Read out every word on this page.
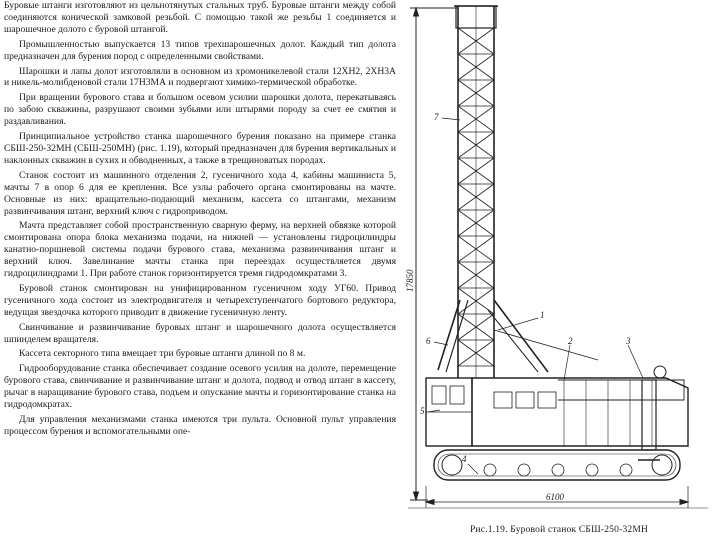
Буровые штанги изготовляют из цельнотянутых стальных труб. Буровые штанги между собой соединяются конической замковой резьбой. С помощью такой же резьбы 1 соединяется и шарошечное долото с буровой штангой.

Промышленностью выпускается 13 типов трехшарошечных долот. Каждый тип долота предназначен для бурения пород с определенными свойствами.

Шарошки и лапы долот изготовляли в основном из хромоникелевой стали 12ХН2, 2ХН3А и никель-молибденовой стали 17Н3МА и подвергают химико-термической обработке.

При вращении бурового става и большом осевом усилии шарошки долота, перекатываясь по забою скважины, разрушают своими зубьями или штырями породу за счет ее смятия и раздавливания.

Принципиальное устройство станка шарошечного бурения показано на примере станка СБШ-250-32МН (СБШ-250МН) (рис. 1.19), который предназначен для бурения вертикальных и наклонных скважин в сухих и обводненных, а также в трещиноватых породах.

Станок состоит из машинного отделения 2, гусеничного хода 4, кабины машиниста 5, мачты 7 в опор 6 для ее крепления. Все узлы рабочего органа смонтированы на мачте. Основные из них: вращательно-подающий механизм, кассета со штангами, механизм развинчивания штанг, верхний ключ с гидроприводом.

Мачта представляет собой пространственную сварную ферму, на верхней обвязке которой смонтирована опора блока механизма подачи, на нижней — установлены гидроцилиндры канатно-поршневой системы подачи бурового става, механизма развинчивания штанг и верхний ключ. Завелинание мачты станка при переездах осуществляется двумя гидроцилиндрами 1. При работе станок горизонтируется тремя гидродомкратами 3.

Буровой станок смонтирован на унифицированном гусеничном ходу УГ60. Привод гусеничного хода состоит из электродвигателя и четырехступенчатого бортового редуктора, ведущая звездочка которого приводит в движение гусеничную ленту.

Свинчивание и развинчивание буровых штанг и шарошечного долота осуществляется шпинделем вращателя.

Кассета секторного типа вмещает три буровые штанги длиной по 8 м.

Гидрооборудование станка обеспечивает создание осевого усилия на долоте, перемещение бурового става, свинчивание и развинчивание штанг и долота, подвод и отвод штанг в кассету, рычаг в наращивание бурового става, подъем и опускание мачты и горизонтирование станка на гидродомкратах.

Для управления механизмами станка имеются три пульта. Основной пульт управления процессом бурения и вспомогательными опе-

17850
7
1
6	2	3
5
4
6100
Рис.1.19. Буровой станок СБШ-250-32МН
